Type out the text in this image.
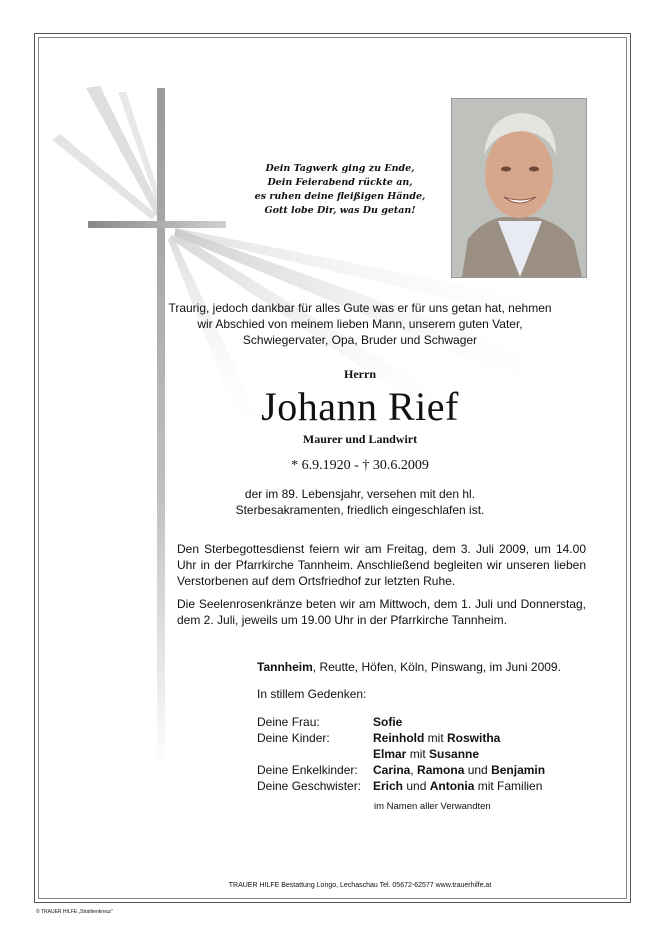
Dein Tagwerk ging zu Ende,
Dein Feierabend rückte an,
es ruhen deine fleißigen Hände,
Gott lobe Dir, was Du getan!
Traurig, jedoch dankbar für alles Gute was er für uns getan hat, nehmen
wir Abschied von meinem lieben Mann, unserem guten Vater,
Schwiegervater, Opa, Bruder und Schwager
Herrn
Johann Rief
Maurer und Landwirt
* 6.9.1920 - † 30.6.2009
der im 89. Lebensjahr, versehen mit den hl.
Sterbesakramenten, friedlich eingeschlafen ist.
Den Sterbegottesdienst feiern wir am Freitag, dem 3. Juli 2009, um 14.00 Uhr in der Pfarrkirche Tannheim. Anschließend begleiten wir unseren lieben Verstorbenen auf dem Ortsfriedhof zur letzten Ruhe.
Die Seelenrosenkränze beten wir am Mittwoch, dem 1. Juli und Donnerstag, dem 2. Juli, jeweils um 19.00 Uhr in der Pfarrkirche Tannheim.
Tannheim, Reutte, Höfen, Köln, Pinswang, im Juni 2009.
In stillem Gedenken:
Deine Frau:	Sofie
Deine Kinder:	Reinhold mit Roswitha
Elmar mit Susanne
Deine Enkelkinder:	Carina, Ramona und Benjamin
Deine Geschwister: Erich und Antonia mit Familien
im Namen aller Verwandten
TRAUER HILFE Bestattung Longo, Lechaschau Tel. 05672-62577 www.trauerhilfe.at
© TRAUER HILFE „Strahlenkreuz“
